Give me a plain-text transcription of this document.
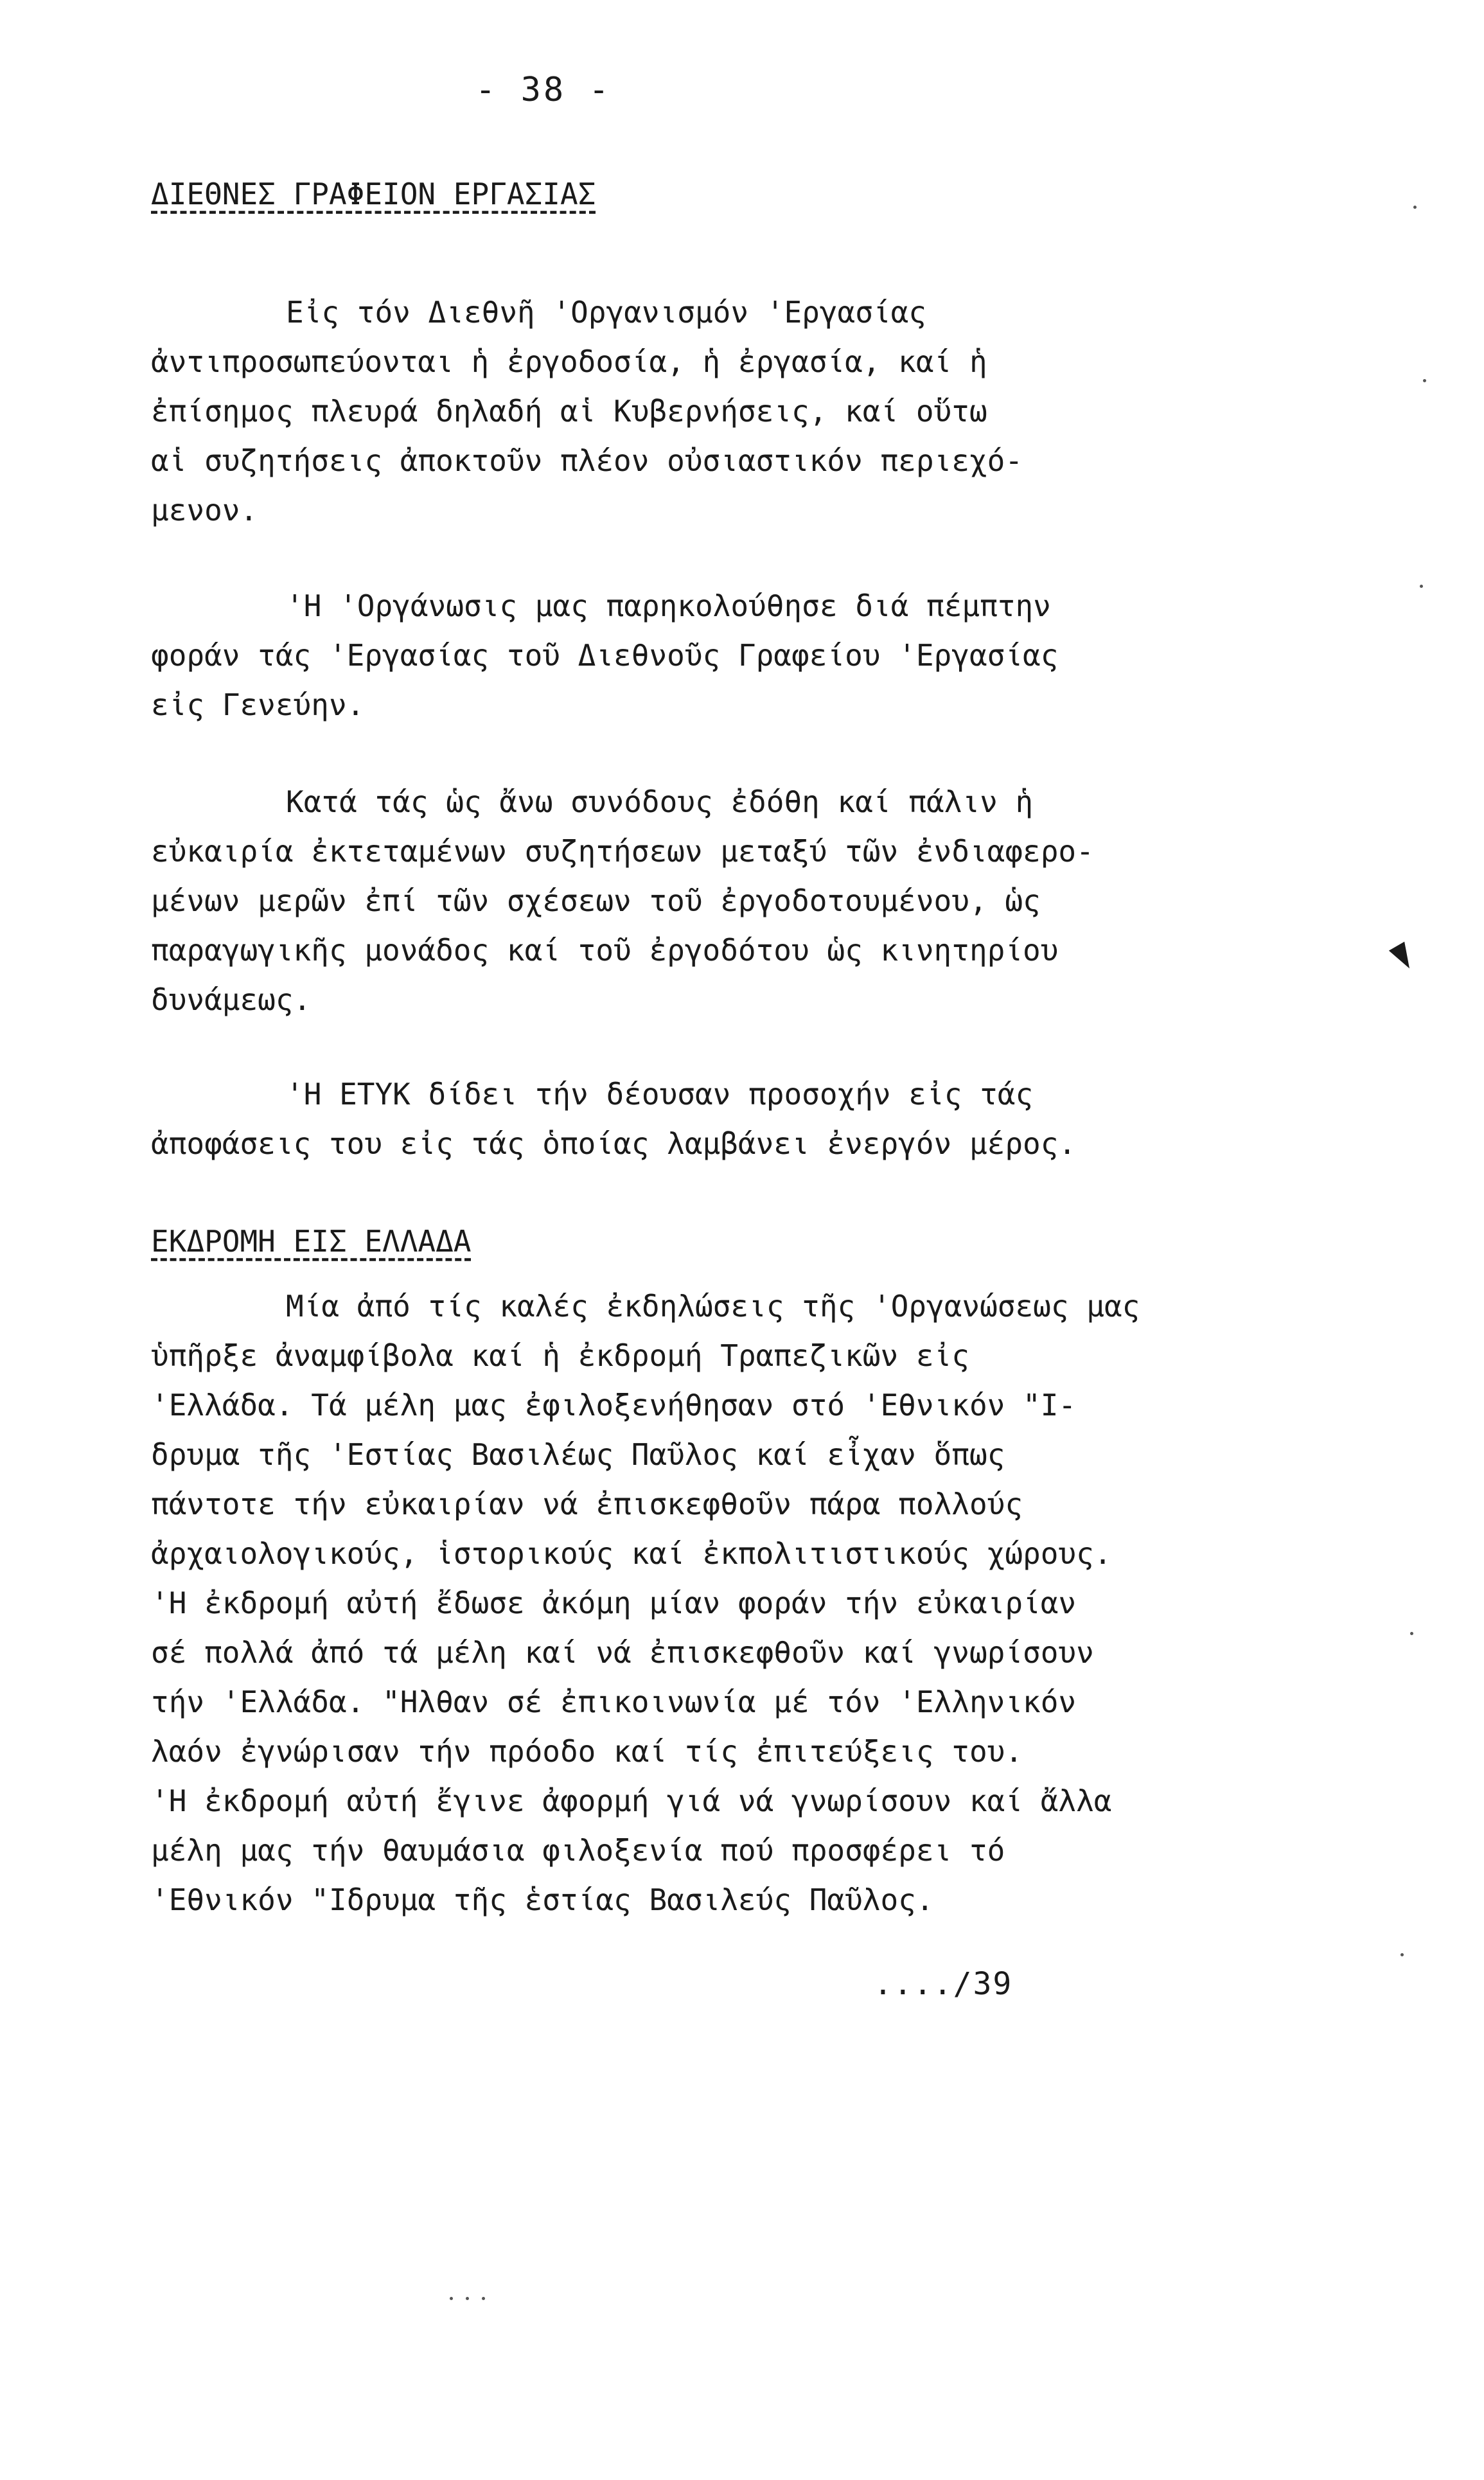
- 38 -
ΔΙΕΘΝΕΣ ΓΡΑΦΕΙΟΝ ΕΡΓΑΣΙΑΣ

Εἰς τόν Διεθνῆ 'Οργανισμόν 'Εργασίας
ἀντιπροσωπεύονται ἡ ἐργοδοσία, ἡ ἐργασία, καί ἡ
ἐπίσημος πλευρά δηλαδή αἱ Κυβερνήσεις, καί οὕτω
αἱ συζητήσεις ἀποκτοῦν πλέον οὐσιαστικόν περιεχό-
μενον.

'Η 'Οργάνωσις μας παρηκολούθησε διά πέμπτην
φοράν τάς 'Εργασίας τοῦ Διεθνοῦς Γραφείου 'Εργασίας
εἰς Γενεύην.

Κατά τάς ὡς ἄνω συνόδους ἐδόθη καί πάλιν ἡ
εὐκαιρία ἐκτεταμένων συζητήσεων μεταξύ τῶν ἐνδιαφερο-
μένων μερῶν ἐπί τῶν σχέσεων τοῦ ἐργοδοτουμένου, ὡς
παραγωγικῆς μονάδος καί τοῦ ἐργοδότου ὡς κινητηρίου
δυνάμεως.

'Η ΕΤΥΚ δίδει τήν δέουσαν προσοχήν εἰς τάς
ἀποφάσεις του εἰς τάς ὁποίας λαμβάνει ἐνεργόν μέρος.

ΕΚΔΡΟΜΗ ΕΙΣ ΕΛΛΑΔΑ

Μία ἀπό τίς καλές ἐκδηλώσεις τῆς 'Οργανώσεως μας
ὑπῆρξε ἀναμφίβολα καί ἡ ἐκδρομή Τραπεζικῶν εἰς
'Ελλάδα. Τά μέλη μας ἐφιλοξενήθησαν στό 'Εθνικόν "Ι-
δρυμα τῆς 'Εστίας Βασιλέως Παῦλος καί εἶχαν ὅπως
πάντοτε τήν εὐκαιρίαν νά ἐπισκεφθοῦν πάρα πολλούς
ἀρχαιολογικούς, ἱστορικούς καί ἐκπολιτιστικούς χώρους.
'Η ἐκδρομή αὐτή ἔδωσε ἀκόμη μίαν φοράν τήν εὐκαιρίαν
σέ πολλά ἀπό τά μέλη καί νά ἐπισκεφθοῦν καί γνωρίσουν
τήν 'Ελλάδα. "Ηλθαν σέ ἐπικοινωνία μέ τόν 'Ελληνικόν
λαόν ἐγνώρισαν τήν πρόοδο καί τίς ἐπιτεύξεις του.
'Η ἐκδρομή αὐτή ἔγινε ἀφορμή γιά νά γνωρίσουν καί ἄλλα
μέλη μας τήν θαυμάσια φιλοξενία πού προσφέρει τό
'Εθνικόν "Ιδρυμα τῆς ἑστίας Βασιλεύς Παῦλος.

..../39
